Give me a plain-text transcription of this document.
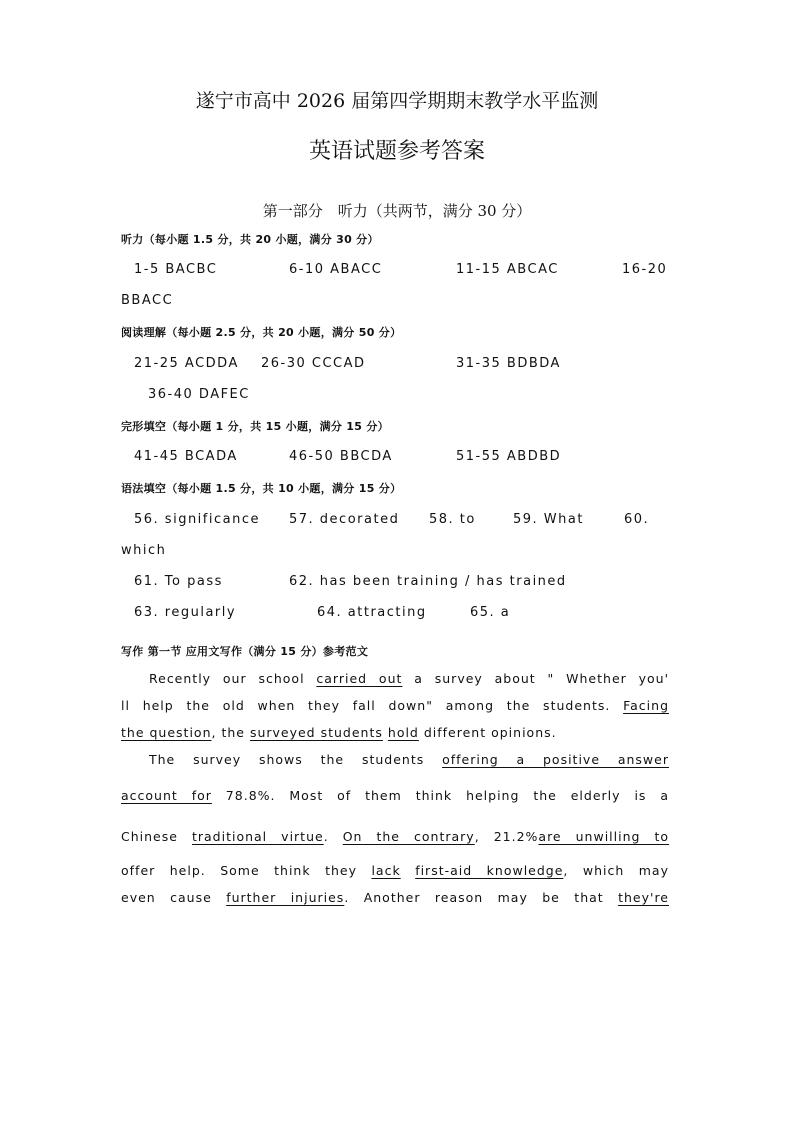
遂宁市高中 2026 届第四学期期末教学水平监测
英语试题参考答案
第一部分　听力（共两节，满分 30 分）
听力（每小题 1.5 分，共 20 小题，满分 30 分）
1-5 BACBC	6-10 ABACC	11-15 ABCAC	16-20
BBACC
阅读理解（每小题 2.5 分，共 20 小题，满分 50 分）
21-25 ACDDA 26-30 CCCAD	31-35 BDBDA
36-40 DAFEC
完形填空（每小题 1 分，共 15 小题，满分 15 分）
41-45 BCADA	46-50 BBCDA	51-55 ABDBD
语法填空（每小题 1.5 分，共 10 小题，满分 15 分）
56. significance 57. decorated 58. to	59. What	60.
which
61. To pass	62. has been training / has trained
63. regularly	64. attracting	65. a
写作 第一节 应用文写作（满分 15 分）参考范文
Recently our school carried out a survey about " Whether you'
ll help the old when they fall down" among the students. Facing
the question, the surveyed students hold different opinions.
The survey shows the students offering a positive answer
account for 78.8%. Most of them think helping the elderly is a
Chinese traditional virtue. On the contrary, 21.2%are unwilling to
offer help. Some think they lack first-aid knowledge, which may
even cause further injuries. Another reason may be that they're
